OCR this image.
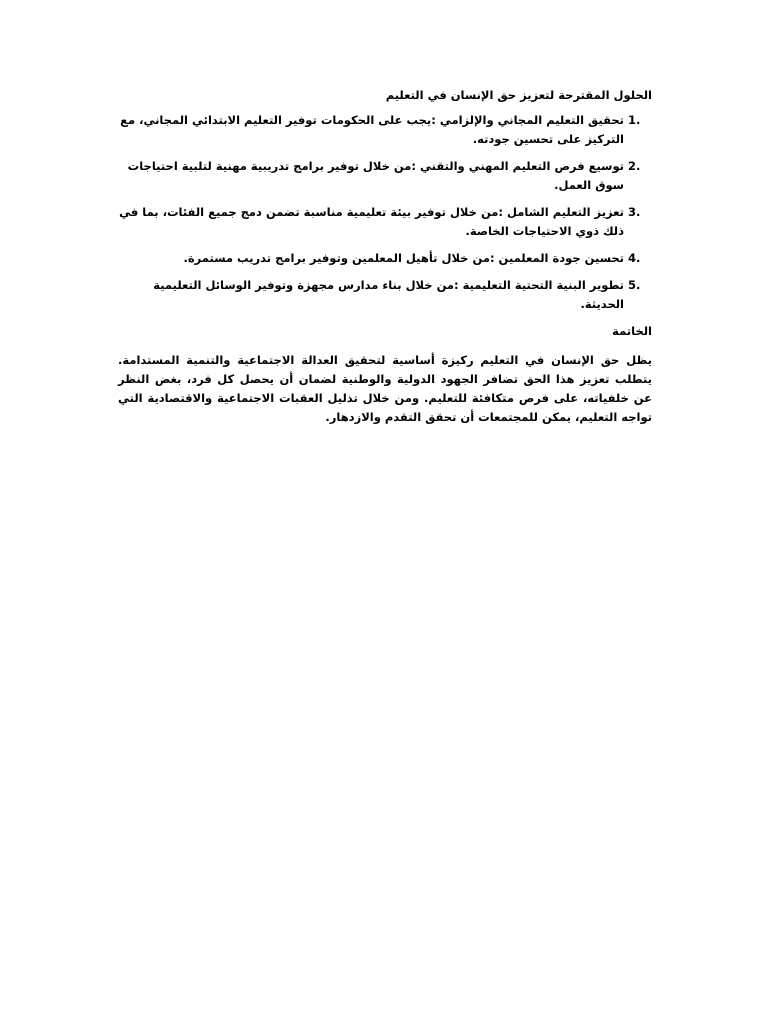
الحلول المقترحة لتعزيز حق الإنسان في التعليم

1.
تحقيق التعليم المجاني والإلزامي :يجب على الحكومات توفير التعليم الابتدائي المجاني، مع التركيز على تحسين جودته.
2.
توسيع فرص التعليم المهني والتقني :من خلال توفير برامج تدريبية مهنية لتلبية احتياجات سوق العمل.
3.
تعزيز التعليم الشامل :من خلال توفير بيئة تعليمية مناسبة تضمن دمج جميع الفئات، بما في ذلك ذوي الاحتياجات الخاصة.
4.
تحسين جودة المعلمين :من خلال تأهيل المعلمين وتوفير برامج تدريب مستمرة.
5.
تطوير البنية التحتية التعليمية :من خلال بناء مدارس مجهزة وتوفير الوسائل التعليمية الحديثة.

الخاتمة

يظل حق الإنسان في التعليم ركيزة أساسية لتحقيق العدالة الاجتماعية والتنمية المستدامة. يتطلب تعزيز هذا الحق تضافر الجهود الدولية والوطنية لضمان أن يحصل كل فرد، بغض النظر عن خلفياته، على فرص متكافئة للتعليم. ومن خلال تذليل العقبات الاجتماعية والاقتصادية التي تواجه التعليم، يمكن للمجتمعات أن تحقق التقدم والازدهار.
